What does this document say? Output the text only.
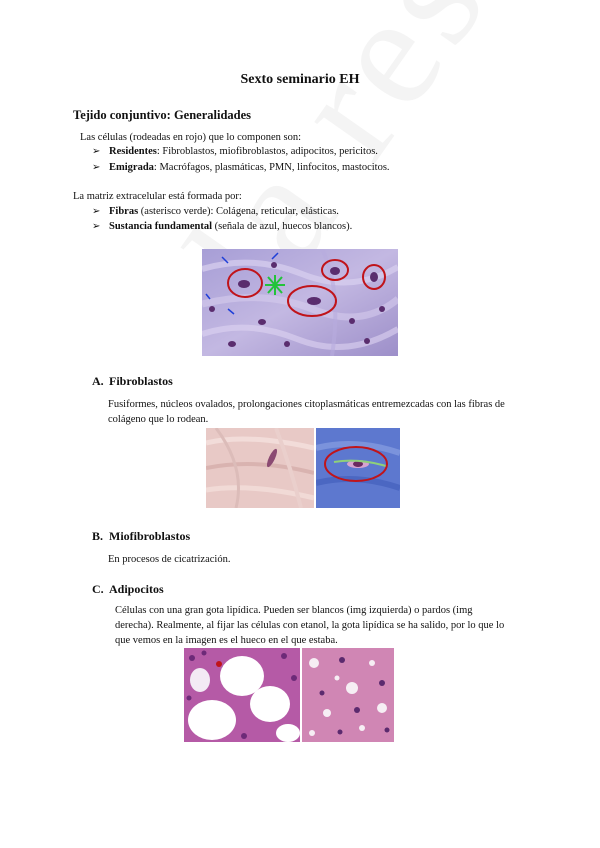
Sexto seminario EH
Tejido conjuntivo: Generalidades
Las células (rodeadas en rojo) que lo componen son:
➢ Residentes: Fibroblastos, miofibroblastos, adipocitos, pericitos.
➢ Emigrada: Macrófagos, plasmáticas, PMN, linfocitos, mastocitos.
La matriz extracelular está formada por:
➢ Fibras (asterisco verde): Colágena, reticular, elásticas.
➢ Sustancia fundamental (señala de azul, huecos blancos).
A. Fibroblastos
Fusiformes, núcleos ovalados, prolongaciones citoplasmáticas entremezcadas con las fibras de
colágeno que lo rodean.
B. Miofibroblastos
En procesos de cicatrización.
C. Adipocitos
Células con una gran gota lipídica. Pueden ser blancos (img izquierda) o pardos (img
derecha). Realmente, al fijar las células con etanol, la gota lipídica se ha salido, por lo que lo
que vemos en la imagen es el hueco en el que estaba.
